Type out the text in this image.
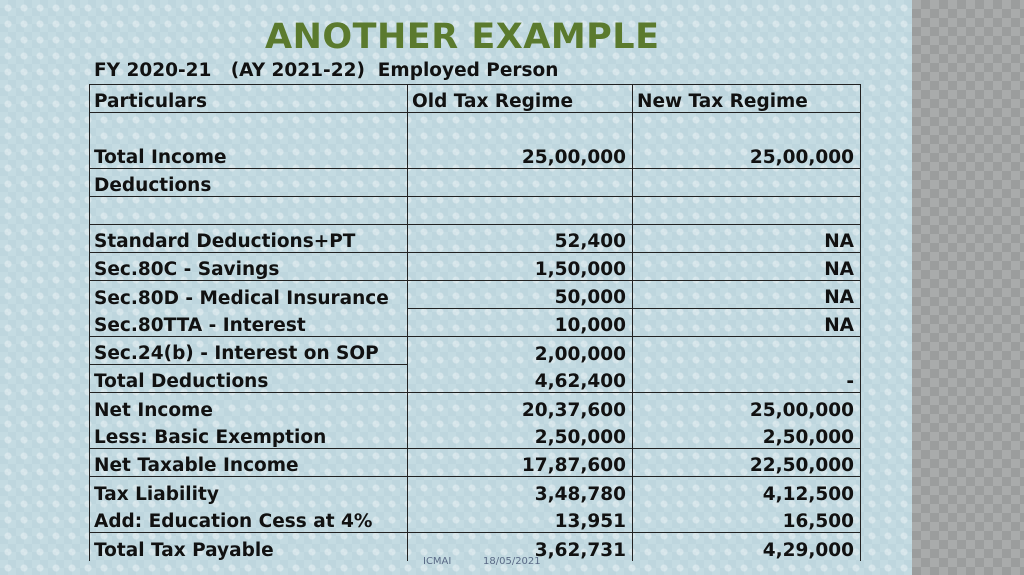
ANOTHER EXAMPLE
FY 2020-21   (AY 2021-22)  Employed Person
Particulars	Old Tax Regime	New Tax Regime
Total Income	25,00,000	25,00,000
Deductions		

Standard Deductions+PT	52,400	NA
Sec.80C - Savings	1,50,000	NA
Sec.80D - Medical Insurance	50,000	NA
Sec.80TTA - Interest	10,000	NA
Sec.24(b) - Interest on SOP	2,00,000	
Total Deductions	4,62,400	-
Net Income	20,37,600	25,00,000
Less: Basic Exemption	2,50,000	2,50,000
Net Taxable Income	17,87,600	22,50,000
Tax Liability	3,48,780	4,12,500
Add: Education Cess at 4%	13,951	16,500
Total Tax Payable	3,62,731	4,29,000
ICMAI	18/05/2021
